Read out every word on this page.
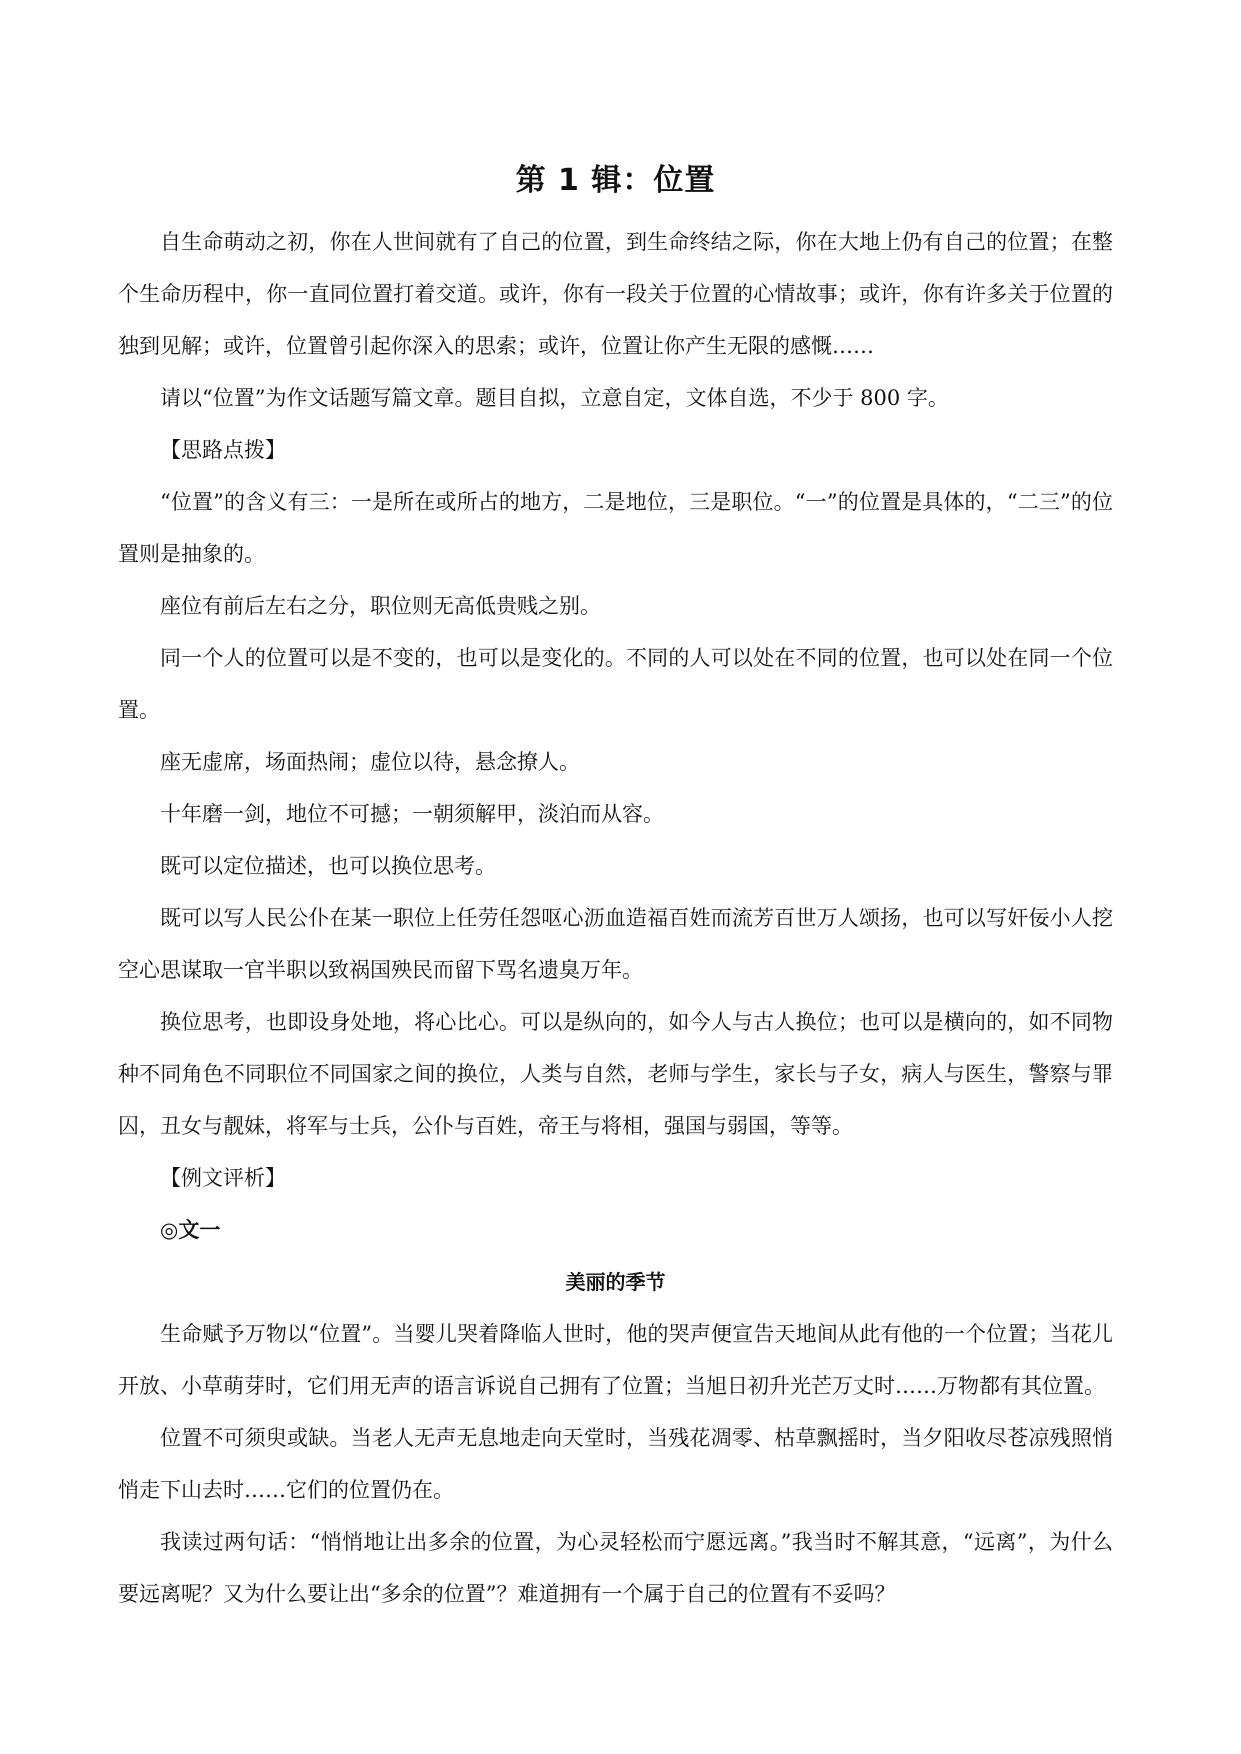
第 1 辑：位置

自生命萌动之初，你在人世间就有了自己的位置，到生命终结之际，你在大地上仍有自己的位置；在整个生命历程中，你一直同位置打着交道。或许，你有一段关于位置的心情故事；或许，你有许多关于位置的独到见解；或许，位置曾引起你深入的思索；或许，位置让你产生无限的感慨……

请以“位置”为作文话题写篇文章。题目自拟，立意自定，文体自选，不少于 800 字。

【思路点拨】

“位置”的含义有三：一是所在或所占的地方，二是地位，三是职位。“一”的位置是具体的，“二三”的位置则是抽象的。

座位有前后左右之分，职位则无高低贵贱之别。

同一个人的位置可以是不变的，也可以是变化的。不同的人可以处在不同的位置，也可以处在同一个位置。

座无虚席，场面热闹；虚位以待，悬念撩人。

十年磨一剑，地位不可撼；一朝须解甲，淡泊而从容。

既可以定位描述，也可以换位思考。

既可以写人民公仆在某一职位上任劳任怨呕心沥血造福百姓而流芳百世万人颂扬，也可以写奸佞小人挖空心思谋取一官半职以致祸国殃民而留下骂名遗臭万年。

换位思考，也即设身处地，将心比心。可以是纵向的，如今人与古人换位；也可以是横向的，如不同物种不同角色不同职位不同国家之间的换位，人类与自然，老师与学生，家长与子女，病人与医生，警察与罪囚，丑女与靓妹，将军与士兵，公仆与百姓，帝王与将相，强国与弱国，等等。

【例文评析】

◎文一

美丽的季节

生命赋予万物以“位置”。当婴儿哭着降临人世时，他的哭声便宣告天地间从此有他的一个位置；当花儿开放、小草萌芽时，它们用无声的语言诉说自己拥有了位置；当旭日初升光芒万丈时……万物都有其位置。

位置不可须臾或缺。当老人无声无息地走向天堂时，当残花凋零、枯草飘摇时，当夕阳收尽苍凉残照悄悄走下山去时……它们的位置仍在。

我读过两句话：“悄悄地让出多余的位置，为心灵轻松而宁愿远离。”我当时不解其意，“远离”，为什么要远离呢？又为什么要让出“多余的位置”？难道拥有一个属于自己的位置有不妥吗？
